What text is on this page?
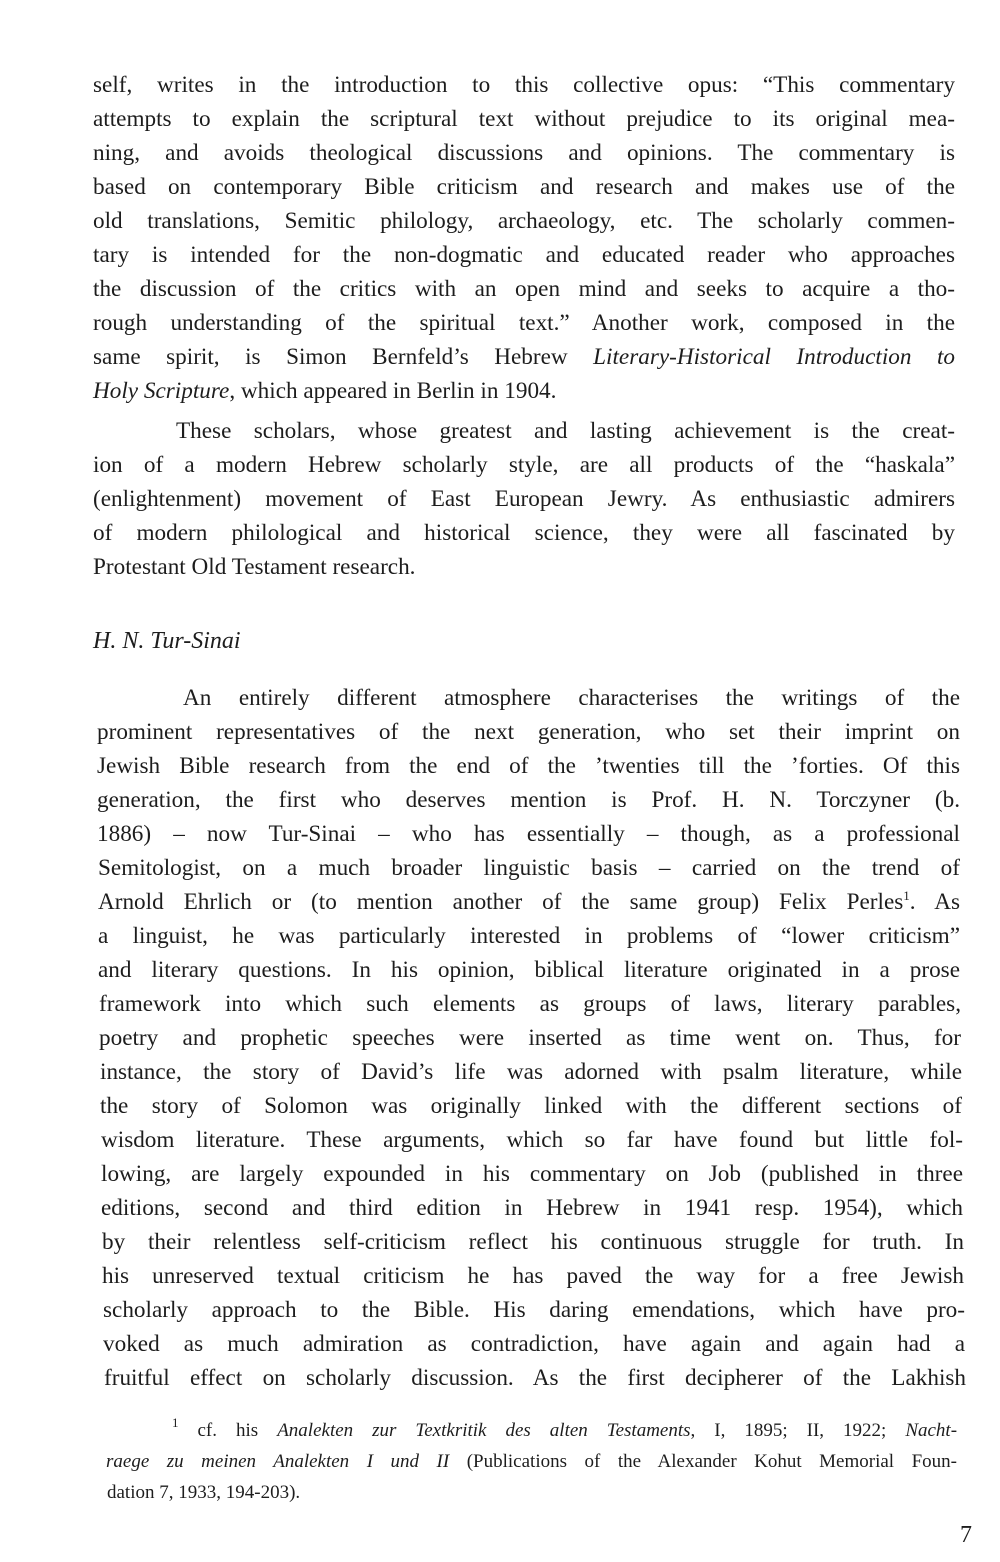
self, writes in the introduction to this collective opus: “This commentary
attempts to explain the scriptural text without prejudice to its original mea-
ning, and avoids theological discussions and opinions. The commentary is
based on contemporary Bible criticism and research and makes use of the
old translations, Semitic philology, archaeology, etc. The scholarly commen-
tary is intended for the non-dogmatic and educated reader who approaches
the discussion of the critics with an open mind and seeks to acquire a tho-
rough understanding of the spiritual text.” Another work, composed in the
same spirit, is Simon Bernfeld’s Hebrew Literary-Historical Introduction to
Holy Scripture, which appeared in Berlin in 1904.
These scholars, whose greatest and lasting achievement is the creat-
ion of a modern Hebrew scholarly style, are all products of the “haskala”
(enlightenment) movement of East European Jewry. As enthusiastic admirers
of modern philological and historical science, they were all fascinated by
Protestant Old Testament research.
H. N. Tur-Sinai
An entirely different atmosphere characterises the writings of the
prominent representatives of the next generation, who set their imprint on
Jewish Bible research from the end of the ’twenties till the ’forties. Of this
generation, the first who deserves mention is Prof. H. N. Torczyner (b.
1886) – now Tur-Sinai – who has essentially – though, as a professional
Semitologist, on a much broader linguistic basis – carried on the trend of
Arnold Ehrlich or (to mention another of the same group) Felix Perles$^1$. As
a linguist, he was particularly interested in problems of “lower criticism”
and literary questions. In his opinion, biblical literature originated in a prose
framework into which such elements as groups of laws, literary parables,
poetry and prophetic speeches were inserted as time went on. Thus, for
instance, the story of David’s life was adorned with psalm literature, while
the story of Solomon was originally linked with the different sections of
wisdom literature. These arguments, which so far have found but little fol-
lowing, are largely expounded in his commentary on Job (published in three
editions, second and third edition in Hebrew in 1941 resp. 1954), which
by their relentless self-criticism reflect his continuous struggle for truth. In
his unreserved textual criticism he has paved the way for a free Jewish
scholarly approach to the Bible. His daring emendations, which have pro-
voked as much admiration as contradiction, have again and again had a
fruitful effect on scholarly discussion. As the first decipherer of the Lakhish
$^1$ cf. his Analekten zur Textkritik des alten Testaments, I, 1895; II, 1922; Nacht-
raege zu meinen Analekten I und II (Publications of the Alexander Kohut Memorial Foun-
dation 7, 1933, 194-203).
7
